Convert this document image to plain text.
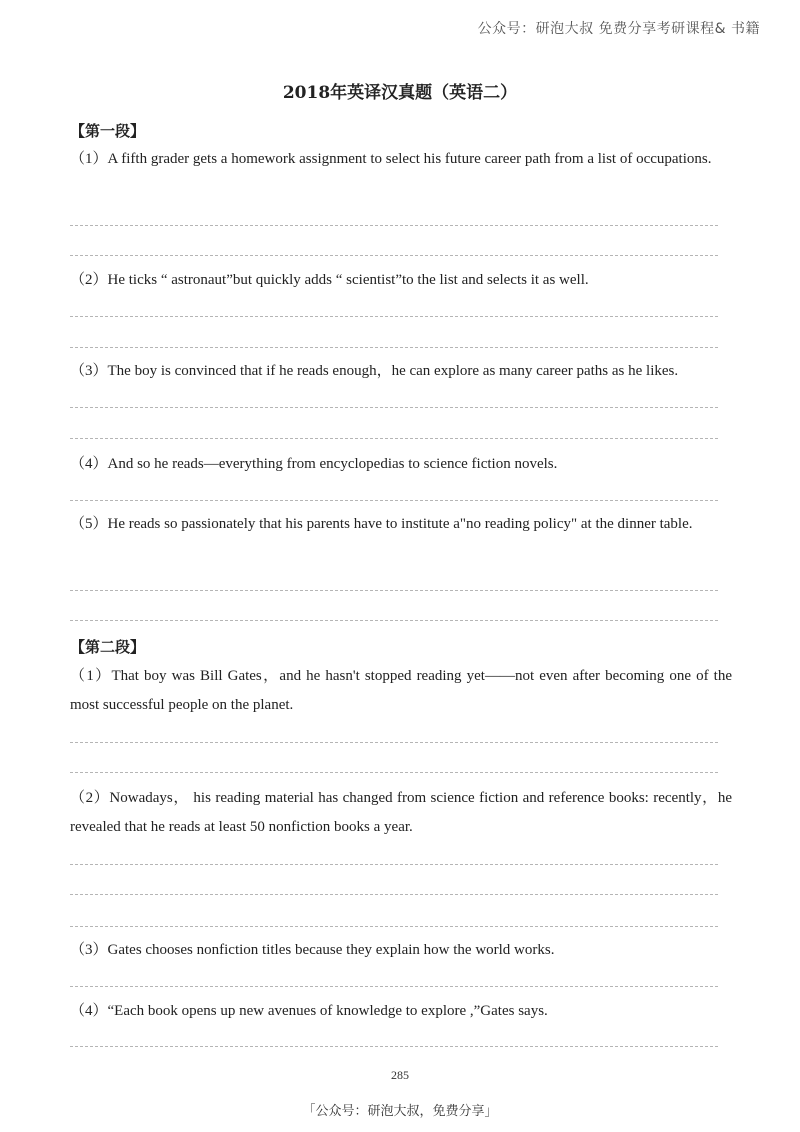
公众号：研泡大叔 免费分享考研课程& 书籍
2018年英译汉真题（英语二）
【第一段】
（1）A fifth grader gets a homework assignment to select his future career path from a list of occupations.
（2）He ticks “ astronaut”but quickly adds “ scientist”to the list and selects it as well.
（3）The boy is convinced that if he reads enough，he can explore as many career paths as he likes.
（4）And so he reads—everything from encyclopedias to science fiction novels.
（5）He reads so passionately that his parents have to institute a"no reading policy" at the dinner table.
【第二段】
（1）That boy was Bill Gates，and he hasn't stopped reading yet——not even after becoming one of the most successful people on the planet.
（2）Nowadays， his reading material has changed from science fiction and reference books: recently，he revealed that he reads at least 50 nonfiction books a year.
（3）Gates chooses nonfiction titles because they explain how the world works.
（4）“Each book opens up new avenues of knowledge to explore ,”Gates says.
285
「公众号：研泡大叔，免费分享」
